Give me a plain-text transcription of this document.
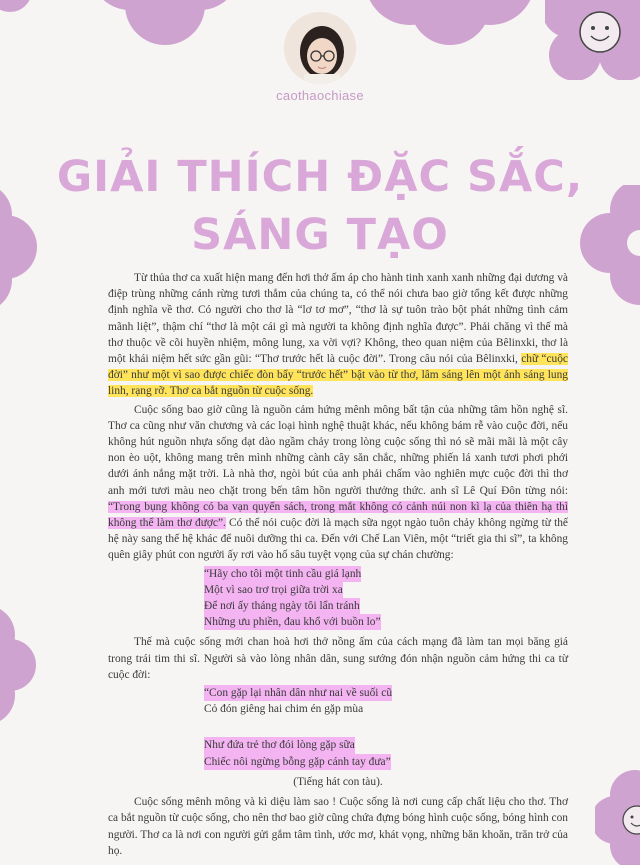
caothaochiase
GIẢI THÍCH ĐẶC SẮC,
SÁNG TẠO

Từ thủa thơ ca xuất hiện mang đến hơi thở ấm áp cho hành tinh xanh xanh những đại dương và điệp trùng những cánh rừng tươi thắm của chúng ta, có thể nói chưa bao giờ tổng kết được những định nghĩa về thơ. Có người cho thơ là “lơ tơ mơ”, “thơ là sự tuôn trào bột phát những tình cảm mãnh liệt”, thậm chí “thơ là một cái gì mà người ta không định nghĩa được”. Phải chăng vì thế mà thơ thuộc về cõi huyền nhiệm, mông lung, xa vời vợi? Không, theo quan niệm của Bêlinxki, thơ là một khái niệm hết sức gần gũi: “Thơ trước hết là cuộc đời”. Trong câu nói của Bêlinxki, chữ “cuộc đời” như một vì sao được chiếc đòn bẩy “trước hết” bật vào từ thơ, lâm sáng lên một ánh sáng lung linh, rạng rỡ. Thơ ca bắt nguồn từ cuộc sống.

Cuộc sống bao giờ cũng là nguồn cảm hứng mênh mông bất tận của những tâm hồn nghệ sĩ. Thơ ca cũng như văn chương và các loại hình nghệ thuật khác, nếu không bám rễ vào cuộc đời, nếu không hút nguồn nhựa sống dạt dào ngầm chảy trong lòng cuộc sống thì nó sẽ mãi mãi là một cây non èo uột, không mang trên mình những cành cây săn chắc, những phiến lá xanh tươi phơi phới dưới ánh nắng mặt trời. Là nhà thơ, ngòi bút của anh phải chấm vào nghiên mực cuộc đời thì thơ anh mới tươi màu neo chặt trong bến tâm hồn người thưởng thức. anh sĩ Lê Quí Đôn từng nói: “Trong bụng không có ba vạn quyển sách, trong mắt không có cảnh núi non kì lạ của thiên hạ thì không thể làm thơ được”. Có thể nói cuộc đời là mạch sữa ngọt ngào tuôn chảy không ngừng từ thế hệ này sang thế hệ khác để nuôi dưỡng thi ca. Đến với Chế Lan Viên, một “triết gia thi sĩ”, ta không quên giây phút con người ấy rơi vào hố sâu tuyệt vọng của sự chán chường:

“Hãy cho tôi một tinh cầu giá lạnh
Một vì sao trơ trọi giữa trời xa
Để nơi ấy tháng ngày tôi lẩn tránh
Những ưu phiền, đau khổ với buồn lo”

Thế mà cuộc sống mới chan hoà hơi thở nồng ấm của cách mạng đã làm tan mọi băng giá trong trái tim thi sĩ. Người sà vào lòng nhân dân, sung sướng đón nhận nguồn cảm hứng thi ca từ cuộc đời:

“Con gặp lại nhân dân như nai về suối cũ
Cỏ đón giêng hai chim én gặp mùa
Như đứa trẻ thơ đói lòng gặp sữa
Chiếc nôi ngừng bỗng gặp cánh tay đưa”
(Tiếng hát con tàu).

Cuộc sống mênh mông và kì diệu làm sao ! Cuộc sống là nơi cung cấp chất liệu cho thơ. Thơ ca bắt nguồn từ cuộc sống, cho nên thơ bao giờ cũng chứa đựng bóng hình cuộc sống, bóng hình con người. Thơ ca là nơi con người gửi gắm tâm tình, ước mơ, khát vọng, những băn khoăn, trăn trở của họ.
